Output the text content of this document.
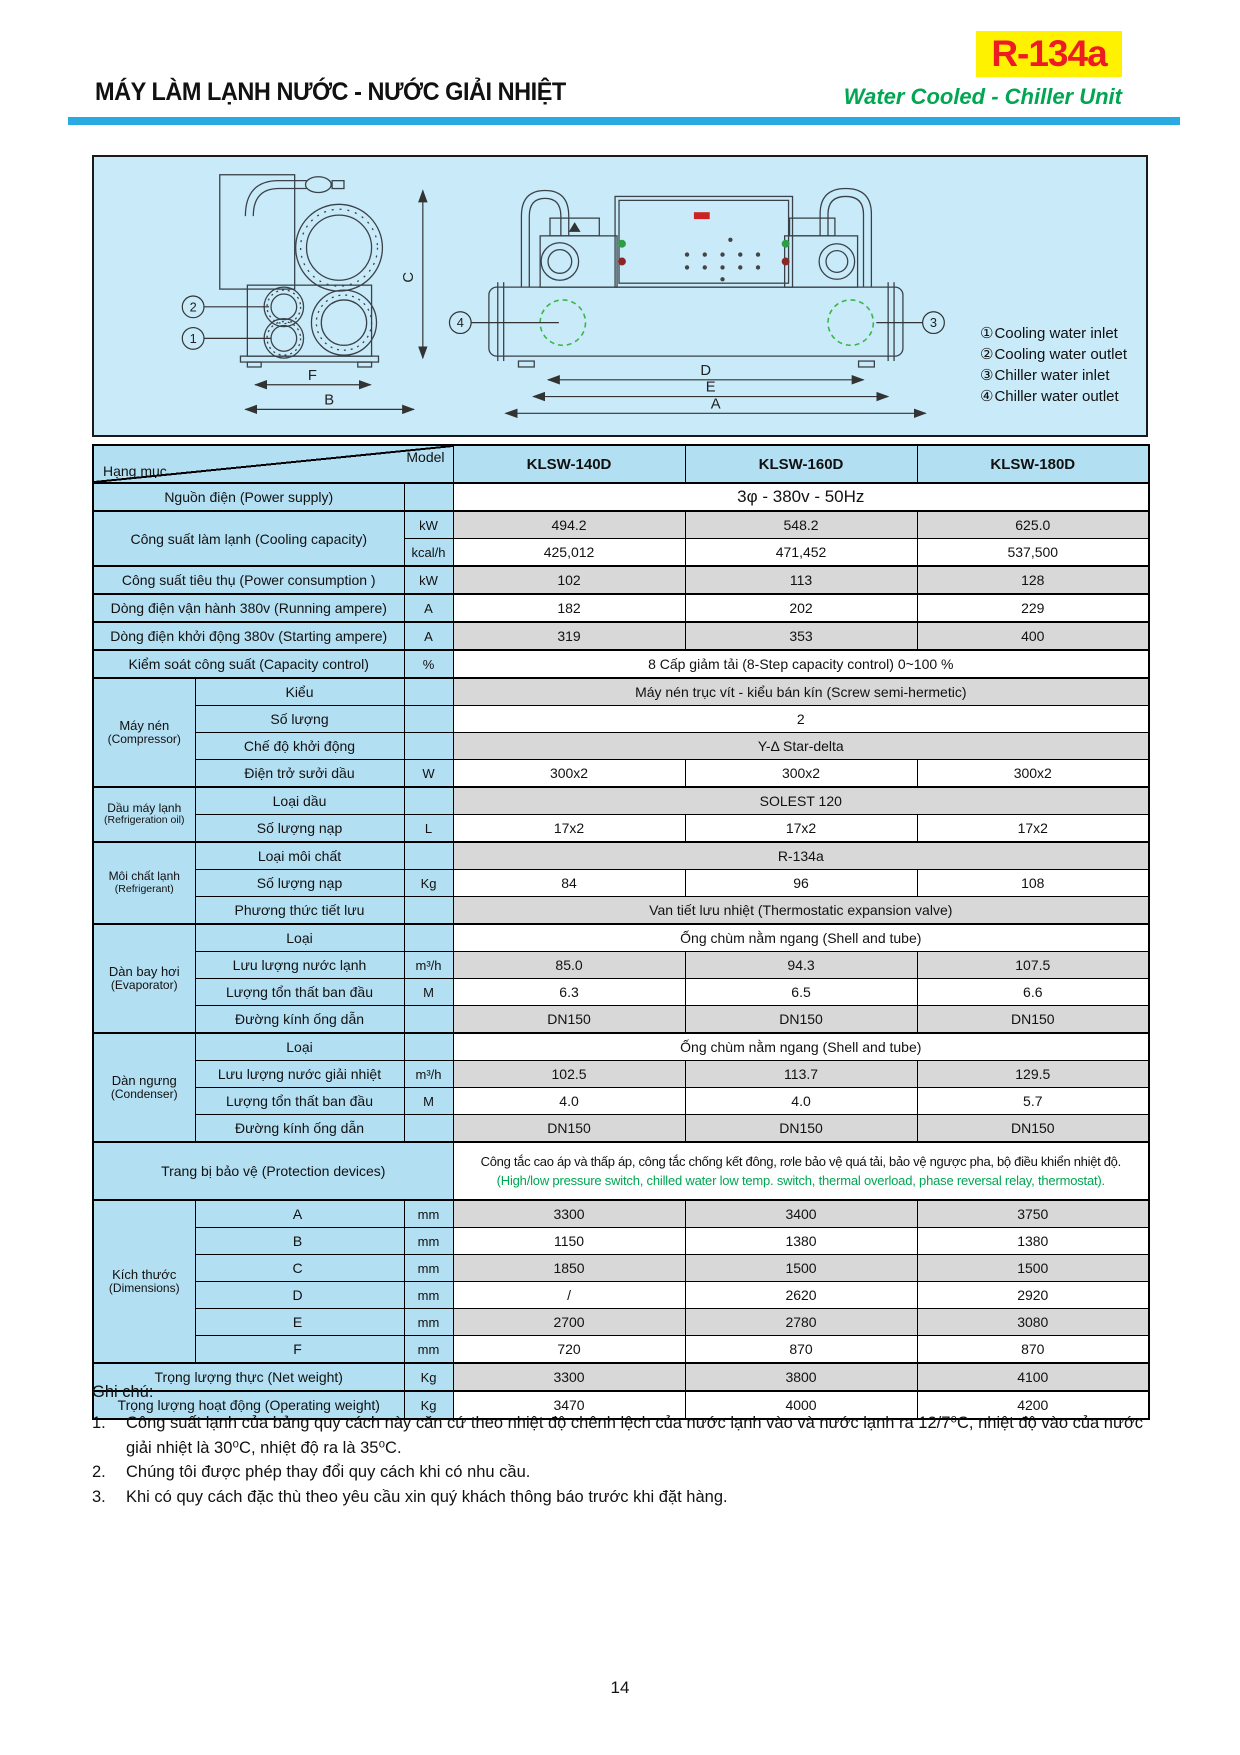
MÁY LÀM LẠNH NƯỚC - NƯỚC GIẢI NHIỆT
R-134a
Water Cooled - Chiller Unit
C
F
B
D
E
A
2
1
4	3
①Cooling water inlet
②Cooling water outlet
③Chiller water inlet
④Chiller water outlet
Hạng mục
Model			KLSW-140D	KLSW-160D	KLSW-180D
Nguồn điện (Power supply)			3φ - 380v - 50Hz		
Công suất làm lạnh (Cooling capacity)		kW	494.2	548.2	625.0
		kcal/h	425,012	471,452	537,500
Công suất tiêu thụ (Power consumption )		kW	102	113	128
Dòng điện vận hành 380v (Running ampere)		A	182	202	229
Dòng điện khởi động 380v (Starting ampere)		A	319	353	400
Kiểm soát công suất (Capacity control)		%	8 Cấp giảm tải (8-Step capacity control) 0~100 %		

Máy nén
(Compressor)	Kiểu		Máy nén trục vít - kiểu bán kín (Screw semi-hermetic)		
	Số lượng		2		
	Chế độ khởi động		Y-Δ Star-delta		
	Điện trở sưởi dầu	W	300x2	300x2	300x2

Dầu máy lạnh
(Refrigeration oil)	Loại dầu		SOLEST 120		
	Số lượng nạp	L	17x2	17x2	17x2

Môi chất lạnh
(Refrigerant)	Loại môi chất		R-134a		
	Số lượng nạp	Kg	84	96	108
	Phương thức tiết lưu		Van tiết lưu nhiệt (Thermostatic expansion valve)		

Dàn bay hơi
(Evaporator)	Loại		Ống chùm nằm ngang (Shell and tube)		
	Lưu lượng nước lạnh	m³/h	85.0	94.3	107.5
	Lượng tổn thất ban đầu	M	6.3	6.5	6.6
	Đường kính ống dẫn		DN150	DN150	DN150

Dàn ngưng
(Condenser)	Loại		Ống chùm nằm ngang (Shell and tube)		
	Lưu lượng nước giải nhiệt	m³/h	102.5	113.7	129.5
	Lượng tổn thất ban đầu	M	4.0	4.0	5.7
	Đường kính ống dẫn		DN150	DN150	DN150
Trang bị bảo vệ (Protection devices)			Công tắc cao áp và thấp áp, công tắc chống kết đông, rơle bảo vệ quá tải, bảo vệ ngược pha, bộ điều khiển nhiệt độ.
(High/low pressure switch, chilled water low temp. switch, thermal overload, phase reversal relay, thermostat).		

Kích thước
(Dimensions)	A	mm	3300	3400	3750
	B	mm	1150	1380	1380
	C	mm	1850	1500	1500
	D	mm	/	2620	2920
	E	mm	2700	2780	3080
	F	mm	720	870	870
Trọng lượng thực (Net weight)		Kg	3300	3800	4100
Trọng lượng hoạt động (Operating weight)		Kg	3470	4000	4200
Ghi chú:
1.	Công suất lạnh của bảng quy cách này căn cứ theo nhiệt độ chênh lệch của nước lạnh vào và nước lạnh ra 12/7⁰C, nhiệt độ vào của nước giải nhiệt là 30⁰C, nhiệt độ ra là 35⁰C.
2.	Chúng tôi được phép thay đổi quy cách khi có nhu cầu.
3.	Khi có quy cách đặc thù theo yêu cầu xin quý khách thông báo trước khi đặt hàng.
14
